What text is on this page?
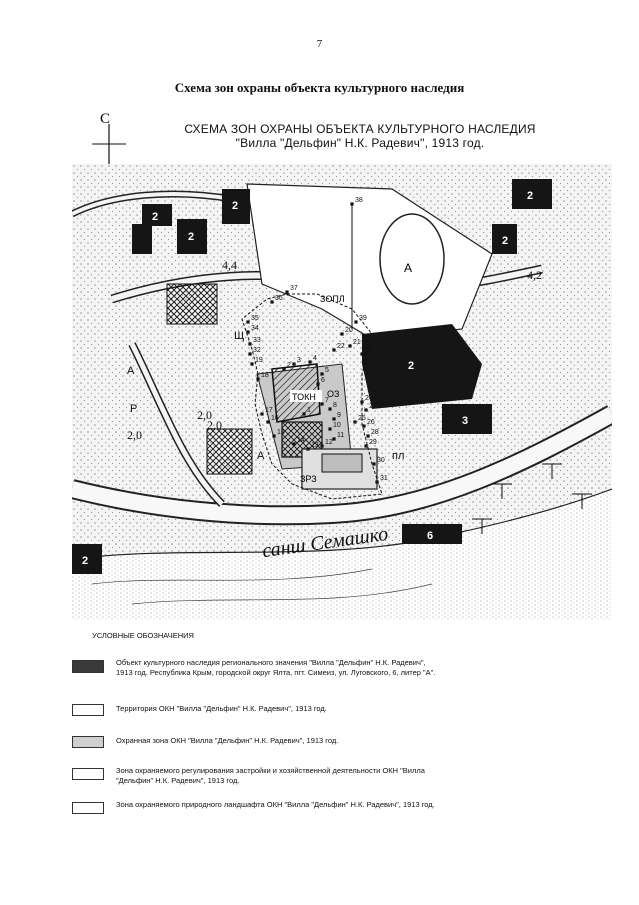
7
Схема зон охраны объекта культурного наследия
СХЕМА ЗОН ОХРАНЫ ОБЪЕКТА КУЛЬТУРНОГО НАСЛЕДИЯ
"Вилла "Дельфин" Н.К. Радевич", 1913 год.
С
санш Семашко
A
ЗОПЛ
2
2
2
2
2
2
3
6
2
ТОКН ОЗ
ЗРЗ
2,0
2,0
4,4
4,2
2.0
A
A
Щ
пл
Р	1
2
3 4
5
6
7
8
9
10
11
12
13
14
15
16
17
18
19
20
21
22
23
24
25
26
27
28
29
30
31
32
33
34
35
36
37
38
39
УСЛОВНЫЕ ОБОЗНАЧЕНИЯ
Объект культурного наследия регионального значения "Вилла "Дельфин" Н.К. Радевич", 1913 год. Республика Крым, городской округ Ялта, пгт. Симеиз, ул. Луговского, 6, литер "А".
Территория ОКН "Вилла "Дельфин" Н.К. Радевич", 1913 год.
Охранная зона ОКН "Вилла "Дельфин" Н.К. Радевич", 1913 год.
Зона охраняемого регулирования застройки и хозяйственной деятельности ОКН "Вилла "Дельфин" Н.К. Радевич", 1913 год.
Зона охраняемого природного ландшафта ОКН "Вилла "Дельфин" Н.К. Радевич", 1913 год.
